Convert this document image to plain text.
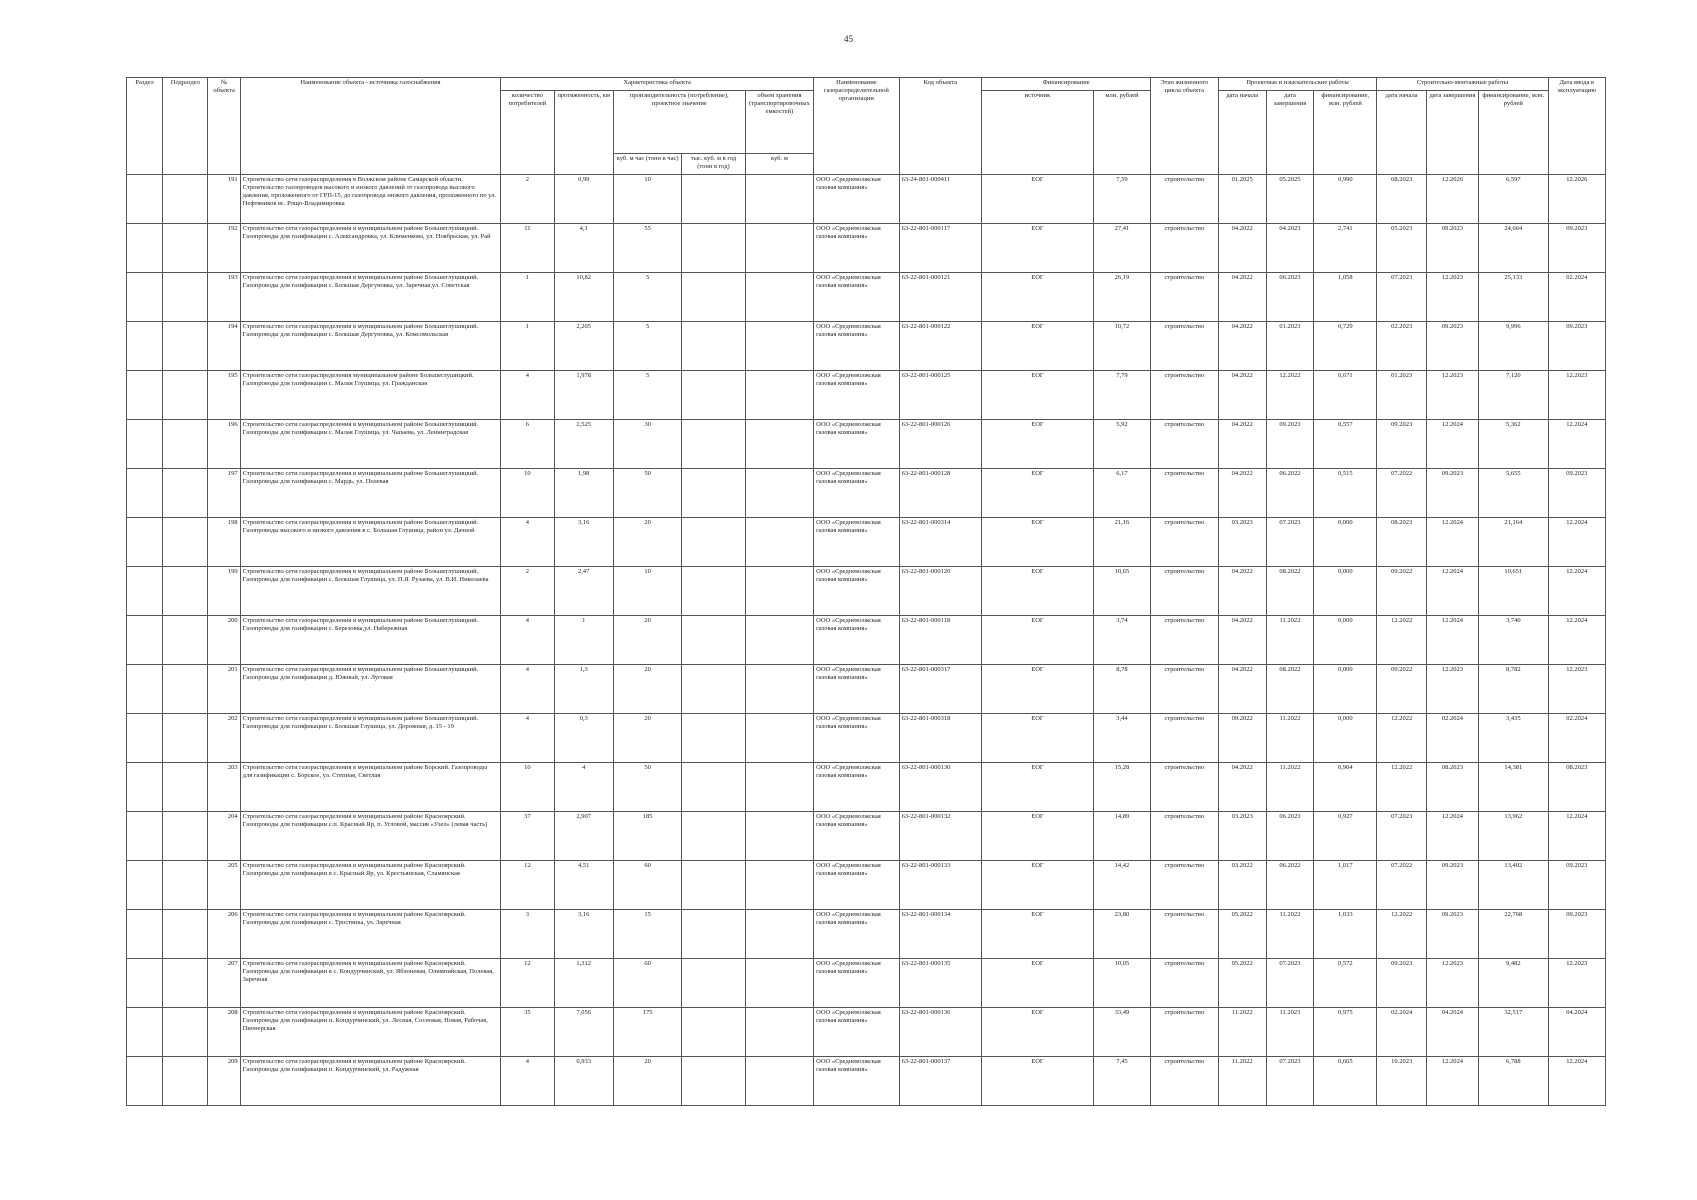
45
Раздел	Подраздел	№ объекта	Наименование объекта - источника газоснабжения	Характеристика объекта					Наименование газораспределительной организации	Код объекта	Финансирование		Этап жизненного цикла объекта	Проектные и изыскательские работы			Строительно-монтажные работы			Дата ввода в эксплуатацию
				количество потребителей	протяженность, км	производительность (потребление), проектное значение		объем хранения (транспортировочных емкостей)			источник	млн. рублей		дата начала	дата завершения	финансирование, млн. рублей	дата начала	дата завершения	финансирование, млн. рублей	
						куб. м час (тонн в час)	тыс. куб. м в год (тонн в год)	куб. м												
		191	Строительство сети газораспределения в Волжском районе Самарской области. Строительство газопроводов высокого и низкого давлений от газопровода высокого давления, проложенного от ГРП-15, до газопровода низкого давления, проложенного по ул. Нефтяников вс. Рощо-Владимировка	2	0,99	10			ООО «Средневолжская газовая компания»	63-24-801-000411	ЕОГ	7,59	строительство	01.2025	05.2025	0,990	08.2023	12.2026	6,597	12.2026
		192	Строительство сети газораспределения в муниципальном районе Большеглушицкий. Газопроводы для газификации с. Александровка, ул. Клименкова, ул. Ноябрьская, ул. Рай	11	4,1	55			ООО «Средневолжская газовая компания»	63-22-801-000117	ЕОГ	27,41	строительство	04.2022	04.2023	2,741	05.2023	09.2023	24,664	09.2023
		193	Строительство сети газораспределения в муниципальном районе Большеглушицкий. Газопроводы для газификации с. Большая Дергуновка, ул. Заречная,ул. Советская	1	10,82	5			ООО «Средневолжская газовая компания»	63-22-801-000121	ЕОГ	26,19	строительство	04.2022	06.2023	1,058	07.2023	12.2023	25,133	02.2024
		194	Строительство сети газораспределения в муниципальном районе Большеглушицкий. Газопроводы для газификации с. Большая Дергуновка, ул. Комсомольская	1	2,205	5			ООО «Средневолжская газовая компания»	63-22-801-000122	ЕОГ	10,72	строительство	04.2022	01.2023	0,729	02.2023	09.2023	9,996	09.2023
		195	Строительство сети газораспределения муниципальном районе Большеглушицкий. Газопроводы для газификации с. Малая Глушица, ул. Гражданская	4	1,978	5			ООО «Средневолжская газовая компания»	63-22-801-000125	ЕОГ	7,79	строительство	04.2022	12.2022	0,671	01.2023	12.2023	7,120	12.2023
		196	Строительство сети газораспределения в муниципальном районе Большеглушицкий. Газопроводы для газификации с. Малая Глушица, ул. Чапаева, ул. Ленинградская	6	2,525	30			ООО «Средневолжская газовая компания»	63-22-801-000126	ЕОГ	5,92	строительство	04.2022	09.2023	0,557	09.2023	12.2024	5,362	12.2024
		197	Строительство сети газораспределения в муниципальном районе Большеглушицкий. Газопроводы для газификации с. Мардь, ул. Полевая	10	1,98	50			ООО «Средневолжская газовая компания»	63-22-801-000128	ЕОГ	6,17	строительство	04.2022	06.2022	0,515	07.2022	09.2023	5,655	09.2023
		198	Строительство сети газораспределения в муниципальном районе Большеглушицкий. Газопроводы высокого и низкого давления в с. Большая Глушица, район ул. Дачной	4	3,16	20			ООО «Средневолжская газовая компания»	63-22-801-000314	ЕОГ	21,16	строительство	03.2023	07.2023	0,000	08.2023	12.2024	21,164	12.2024
		199	Строительство сети газораспределения в муниципальном районе Большеглушицкий. Газопроводы для газификации с. Большая Глушица, ул. П.Я. Рузаева, ул. В.И. Николаева	2	2,47	10			ООО «Средневолжская газовая компания»	63-22-801-000120	ЕОГ	10,65	строительство	04.2022	08.2022	0,000	09.2022	12.2024	10,651	12.2024
		200	Строительство сети газораспределения в муниципальном районе Большеглушицкий. Газопроводы для газификации с. Березовка,ул. Набережная	4	1	20			ООО «Средневолжская газовая компания»	63-22-801-000118	ЕОГ	3,74	строительство	04.2022	11.2022	0,000	12.2022	12.2024	3,740	12.2024
		201	Строительство сети газораспределения в муниципальном районе Большеглушицкий. Газопроводы для газификации д. Южный, ул. Луговая	4	1,3	20			ООО «Средневолжская газовая компания»	63-22-801-000317	ЕОГ	8,78	строительство	04.2022	08.2022	0,000	09.2022	12.2023	8,782	12.2023
		202	Строительство сети газораспределения в муниципальном районе Большеглушицкий. Газопроводы для газификации с. Большая Глушица, ул. Дорожная, д. 15 - 19	4	0,3	20			ООО «Средневолжская газовая компания»	63-22-801-000318	ЕОГ	3,44	строительство	09.2022	11.2022	0,000	12.2022	02.2024	3,435	02.2024
		203	Строительство сети газораспределения в муниципальном районе Борский. Газопроводы для газификации с. Борское, ул. Степная, Светлая	10	4	50			ООО «Средневолжская газовая компания»	63-22-801-000130	ЕОГ	15,28	строительство	04.2022	11.2022	0,904	12.2022	08.2023	14,381	08.2023
		204	Строительство сети газораспределения в муниципальном районе Красноярский. Газопроводы для газификации с.п. Красный Яр, п. Угловой, массив «Узел» (левая часть)	37	2,907	185			ООО «Средневолжская газовая компания»	63-22-801-000132	ЕОГ	14,89	строительство	03.2023	06.2023	0,927	07.2023	12.2024	13,962	12.2024
		205	Строительство сети газораспределения в муниципальном районе Красноярский. Газопроводы для газификации в с. Красный Яр, ул. Крестьянская, Сламянская	12	4,51	60			ООО «Средневолжская газовая компания»	63-22-801-000133	ЕОГ	14,42	строительство	03.2022	06.2022	1,017	07.2022	09.2023	13,402	09.2023
		206	Строительство сети газораспределения в муниципальном районе Красноярский. Газопроводы для газификации с. Тростянка, ул. Заречная	3	3,16	15			ООО «Средневолжская газовая компания»	63-22-801-000134	ЕОГ	23,80	строительство	05.2022	11.2022	1,033	12.2022	09.2023	22,768	09.2023
		207	Строительство сети газораспределения в муниципальном районе Красноярский. Газопроводы для газификации в с. Кондурчинский, ул. Яблоневая, Олимпийская, Полевая, Заречная	12	1,312	60			ООО «Средневолжская газовая компания»	63-22-801-000135	ЕОГ	10,05	строительство	05.2022	07.2023	0,572	09.2023	12.2023	9,482	12.2023
		208	Строительство сети газораспределения в муниципальном районе Красноярский. Газопроводы для газификации п. Кондурчинский, ул. Лесная, Сосновая, Новая, Рабочая, Пионерская	35	7,056	175			ООО «Средневолжская газовая компания»	63-22-801-000136	ЕОГ	33,49	строительство	11.2022	11.2023	0,975	02.2024	04.2024	32,517	04.2024
		209	Строительство сети газораспределения в муниципальном районе Красноярский. Газопроводы для газификации п. Кондурчинский, ул. Радужная	4	0,933	20			ООО «Средневолжская газовая компания»	63-22-801-000137	ЕОГ	7,45	строительство	11.2022	07.2023	0,665	10.2023	12.2024	6,788	12.2024
